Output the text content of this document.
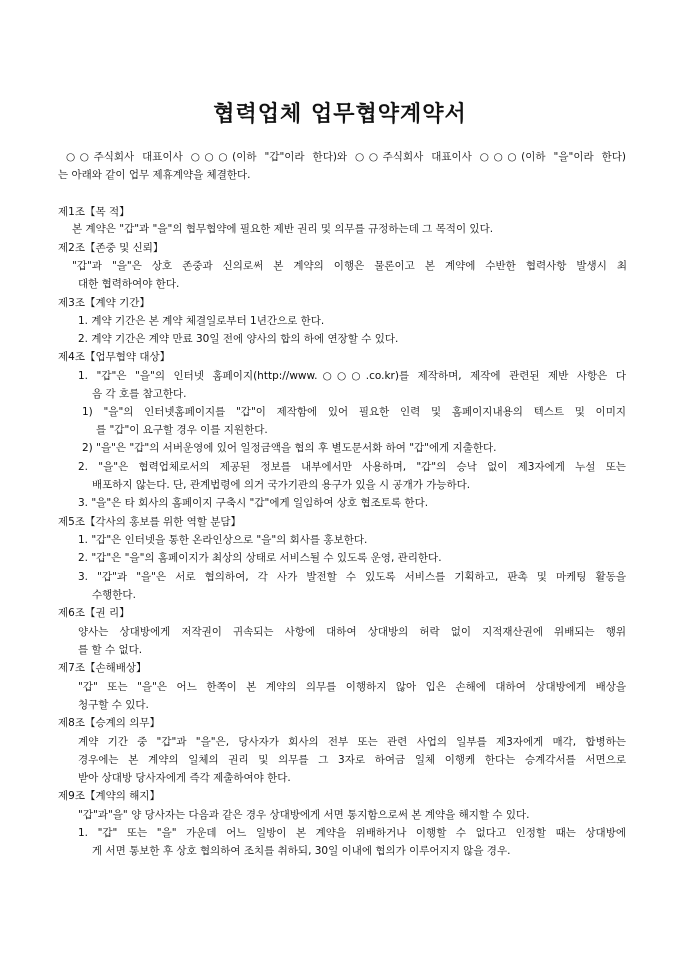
협력업체 업무협약계약서
○○주식회사 대표이사 ○○○(이하 "갑"이라 한다)와 ○○주식회사 대표이사 ○○○(이하 "을"이라 한다)
는 아래와 같이 업무 제휴계약을 체결한다.
제1조【목 적】
본 계약은 "갑"과 "을"의 협무협약에 필요한 제반 권리 및 의무를 규정하는데 그 목적이 있다.
제2조【존중 및 신뢰】
"갑"과 "을"은 상호 존중과 신의로써 본 계약의 이행은 물론이고 본 계약에 수반한 협력사항 발생시 최
대한 협력하여야 한다.
제3조【계약 기간】
1. 계약 기간은 본 계약 체결일로부터 1년간으로 한다.
2. 계약 기간은 계약 만료 30일 전에 양사의 합의 하에 연장할 수 있다.
제4조【업무협약 대상】
1. "갑"은 "을"의 인터넷 홈페이지(http://www.○○○.co.kr)를 제작하며, 제작에 관련된 제반 사항은 다
음 각 호를 참고한다.
1) "을"의 인터넷홈페이지를 "갑"이 제작함에 있어 필요한 인력 및 홈페이지내용의 텍스트 및 이미지
를 "갑"이 요구할 경우 이를 지원한다.
2) "을"은 "갑"의 서버운영에 있어 일정금액을 협의 후 별도문서화 하여 "갑"에게 지출한다.
2. "을"은 협력업체로서의 제공된 정보를 내부에서만 사용하며, "갑"의 승낙 없이 제3자에게 누설 또는
배포하지 않는다. 단, 관계법령에 의거 국가기관의 용구가 있을 시 공개가 가능하다.
3. "을"은 타 회사의 홈페이지 구축시 "갑"에게 일임하여 상호 협조토록 한다.
제5조【각사의 홍보를 위한 역할 분담】
1. "갑"은 인터넷을 통한 온라인상으로 "을"의 회사를 홍보한다.
2. "갑"은 "을"의 홈페이지가 최상의 상태로 서비스될 수 있도록 운영, 관리한다.
3. "갑"과 "을"은 서로 협의하여, 각 사가 발전할 수 있도록 서비스를 기획하고, 판촉 및 마케팅 활동을
수행한다.
제6조【권 리】
양사는 상대방에게 저작권이 귀속되는 사항에 대하여 상대방의 허락 없이 지적재산권에 위배되는 행위
를 할 수 없다.
제7조【손해배상】
"갑" 또는 "을"은 어느 한쪽이 본 계약의 의무를 이행하지 않아 입은 손해에 대하여 상대방에게 배상을
청구할 수 있다.
제8조【승계의 의무】
계약 기간 중 "갑"과 "을"은, 당사자가 회사의 전부 또는 관련 사업의 일부를 제3자에게 매각, 합병하는
경우에는 본 계약의 일체의 권리 및 의무를 그 3자로 하여금 일체 이행케 한다는 승계각서를 서면으로
받아 상대방 당사자에게 즉각 제출하여야 한다.
제9조【계약의 해지】
"갑"과"을" 양 당사자는 다음과 같은 경우 상대방에게 서면 통지함으로써 본 계약을 해지할 수 있다.
1. "갑" 또는 "을" 가운데 어느 일방이 본 계약을 위배하거나 이행할 수 없다고 인정할 때는 상대방에
게 서면 통보한 후 상호 협의하여 조치를 취하되, 30일 이내에 협의가 이루어지지 않을 경우.
